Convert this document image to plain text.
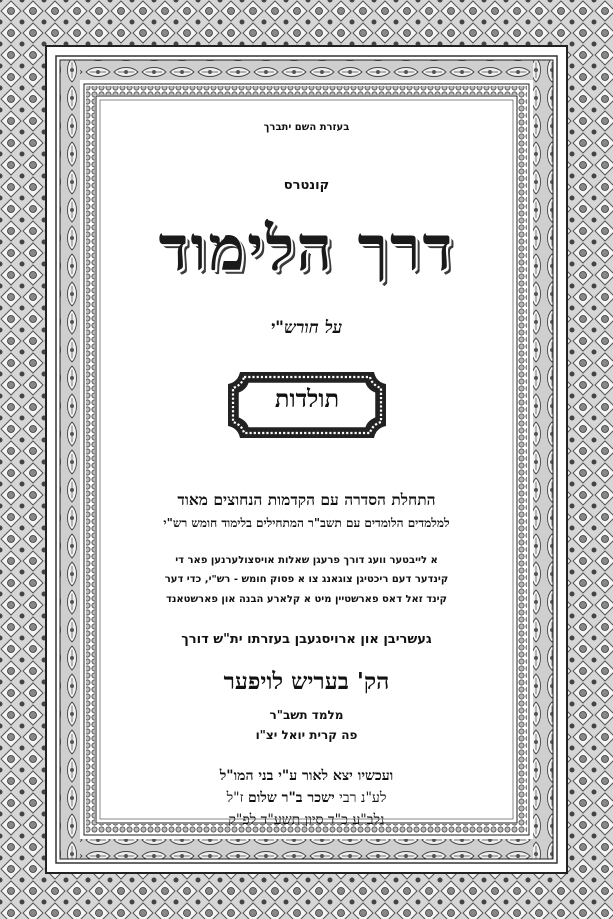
בעזרת השם יתברך
קונטרס
דרך הלימוד
על חורש"י
תולדות
התחלת הסדרה עם הקדמות הנחוצים מאוד
למלמדים הלומדים עם תשב"ר המתחילים בלימוד חומש רש"י
א לייבטער וועג דורך פרעגן שאלות אויסצולערנען פאר די
קינדער דעם ריכטיגן צוגאנג צו א פסוק חומש - רש"י, כדי דער
קינד זאל דאס פארשטיין מיט א קלארע הבנה און פארשטאנד
געשריבן און ארויסגעבן בעזרתו ית"ש דורך
הק' בעריש לויפער
מלמד תשב"ר
פה קרית יואל יצ"ו
ועכשיו יצא לאור ע"י בני המו"ל
לע"נ רבי ישכר ב"ר שלום ז"ל
נלב"ע כ"ד סיון תשע"ד לפ"ק
